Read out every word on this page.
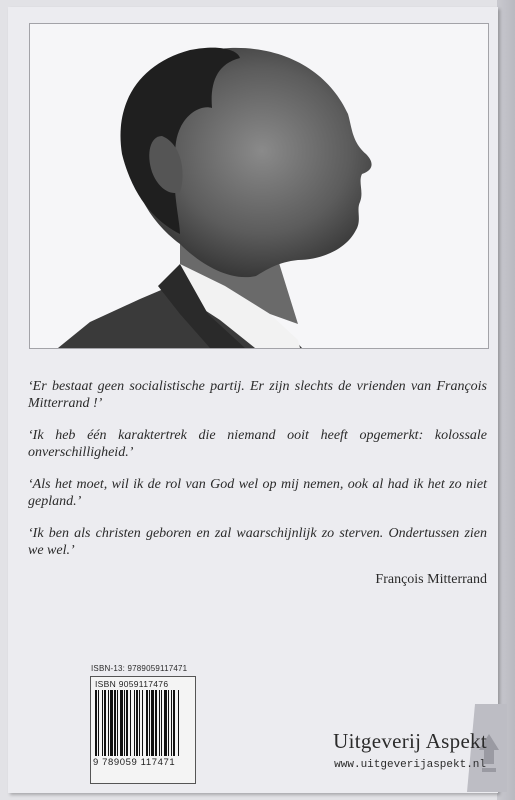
‘Er bestaat geen socialistische partij. Er zijn slechts de vrienden van François Mitterrand !’

‘Ik heb één karaktertrek die niemand ooit heeft opgemerkt: kolossale onverschilligheid.’

‘Als het moet, wil ik de rol van God wel op mij nemen, ook al had ik het zo niet gepland.’

‘Ik ben als christen geboren en zal waarschijnlijk zo sterven. Ondertussen zien we wel.’

François Mitterrand
ISBN-13: 9789059117471
ISBN 9059117476
9 789059 117471
Uitgeverij Aspekt
www.uitgeverijaspekt.nl
